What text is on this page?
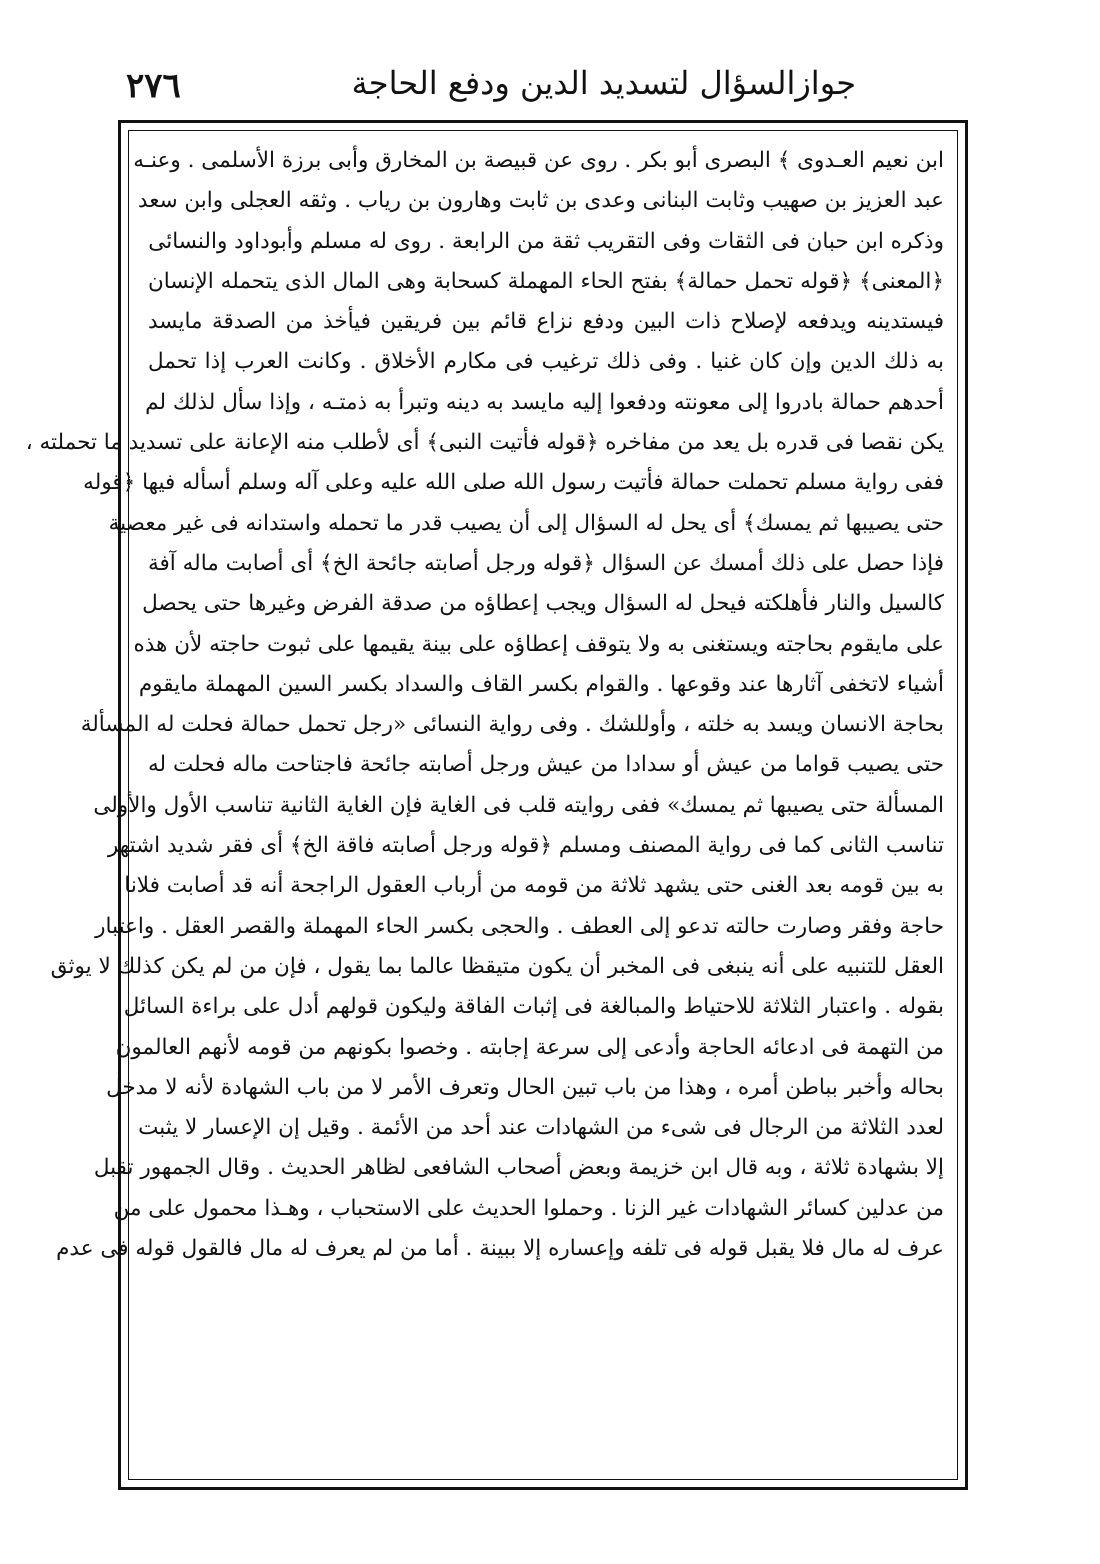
٢٧٦	جوازالسؤال لتسديد الدين ودفع الحاجة
ابن نعيم العـدوى ﴾ البصرى أبو بكر . روى عن قبيصة بن المخارق وأبى برزة الأسلمى . وعنـه
عبد العزيز بن صهيب وثابت البنانى وعدى بن ثابت وهارون بن رياب . وثقه العجلى وابن سعد
وذكره ابن حبان فى الثقات وفى التقريب ثقة من الرابعة . روى له مسلم وأبوداود والنسائى
﴿المعنى﴾ ﴿قوله تحمل حمالة﴾ بفتح الحاء المهملة كسحابة وهى المال الذى يتحمله الإنسان
فيستدينه ويدفعه لإصلاح ذات البين ودفع نزاع قائم بين فريقين فيأخذ من الصدقة مايسد
به ذلك الدين وإن كان غنيا . وفى ذلك ترغيب فى مكارم الأخلاق . وكانت العرب إذا تحمل
أحدهم حمالة بادروا إلى معونته ودفعوا إليه مايسد به دينه وتبرأ به ذمتـه ، وإذا سأل لذلك لم
يكن نقصا فى قدره بل يعد من مفاخره ﴿قوله فأتيت النبى﴾ أى لأطلب منه الإعانة على تسديد ما تحملته ،
ففى رواية مسلم تحملت حمالة فأتيت رسول الله صلى الله عليه وعلى آله وسلم أسأله فيها ﴿قوله
حتى يصيبها ثم يمسك﴾ أى يحل له السؤال إلى أن يصيب قدر ما تحمله واستدانه فى غير معصية
فإذا حصل على ذلك أمسك عن السؤال ﴿قوله ورجل أصابته جائحة الخ﴾ أى أصابت ماله آفة
كالسيل والنار فأهلكته فيحل له السؤال ويجب إعطاؤه من صدقة الفرض وغيرها حتى يحصل
على مايقوم بحاجته ويستغنى به ولا يتوقف إعطاؤه على بينة يقيمها على ثبوت حاجته لأن هذه
أشياء لاتخفى آثارها عند وقوعها . والقوام بكسر القاف والسداد بكسر السين المهملة مايقوم
بحاجة الانسان ويسد به خلته ، وأوللشك . وفى رواية النسائى «رجل تحمل حمالة فحلت له المسألة
حتى يصيب قواما من عيش أو سدادا من عيش ورجل أصابته جائحة فاجتاحت ماله فحلت له
المسألة حتى يصيبها ثم يمسك» ففى روايته قلب فى الغاية فإن الغاية الثانية تناسب الأول والأولى
تناسب الثانى كما فى رواية المصنف ومسلم ﴿قوله ورجل أصابته فاقة الخ﴾ أى فقر شديد اشتهر
به بين قومه بعد الغنى حتى يشهد ثلاثة من قومه من أرباب العقول الراجحة أنه قد أصابت فلانا
حاجة وفقر وصارت حالته تدعو إلى العطف . والحجى بكسر الحاء المهملة والقصر العقل . واعتبار
العقل للتنبيه على أنه ينبغى فى المخبر أن يكون متيقظا عالما بما يقول ، فإن من لم يكن كذلك لا يوثق
بقوله . واعتبار الثلاثة للاحتياط والمبالغة فى إثبات الفاقة وليكون قولهم أدل على براءة السائل
من التهمة فى ادعائه الحاجة وأدعى إلى سرعة إجابته . وخصوا بكونهم من قومه لأنهم العالمون
بحاله وأخبر بباطن أمره ، وهذا من باب تبين الحال وتعرف الأمر لا من باب الشهادة لأنه لا مدخل
لعدد الثلاثة من الرجال فى شىء من الشهادات عند أحد من الأئمة . وقيل إن الإعسار لا يثبت
إلا بشهادة ثلاثة ، وبه قال ابن خزيمة وبعض أصحاب الشافعى لظاهر الحديث . وقال الجمهور تقبل
من عدلين كسائر الشهادات غير الزنا . وحملوا الحديث على الاستحباب ، وهـذا محمول على من
عرف له مال فلا يقبل قوله فى تلفه وإعساره إلا ببينة . أما من لم يعرف له مال فالقول قوله فى عدم
